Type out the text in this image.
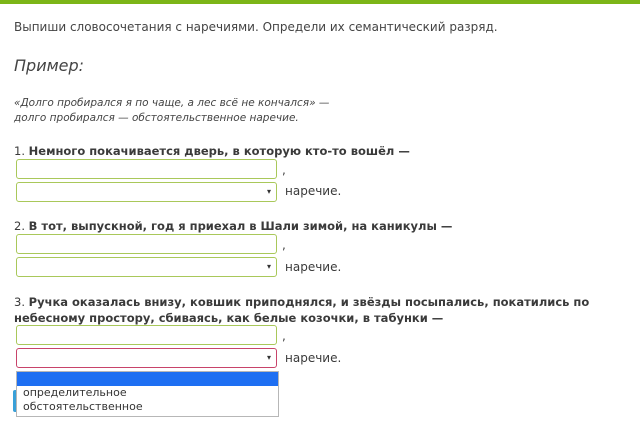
Выпиши словосочетания с наречиями. Определи их семантический разряд.
Пример:
«Долго пробирался я по чаще, а лес всё не кончался» —
долго пробирался — обстоятельственное наречие.
1. Немного покачивается дверь, в которую кто-то вошёл —
,
▾ наречие.
2. В тот, выпускной, год я приехал в Шали зимой, на каникулы —
,
▾ наречие.
3. Ручка оказалась внизу, ковшик приподнялся, и звёзды посыпались, покатились по небесному простору, сбиваясь, как белые козочки, в табунки —
,
▾ наречие.
определительное
обстоятельственное
